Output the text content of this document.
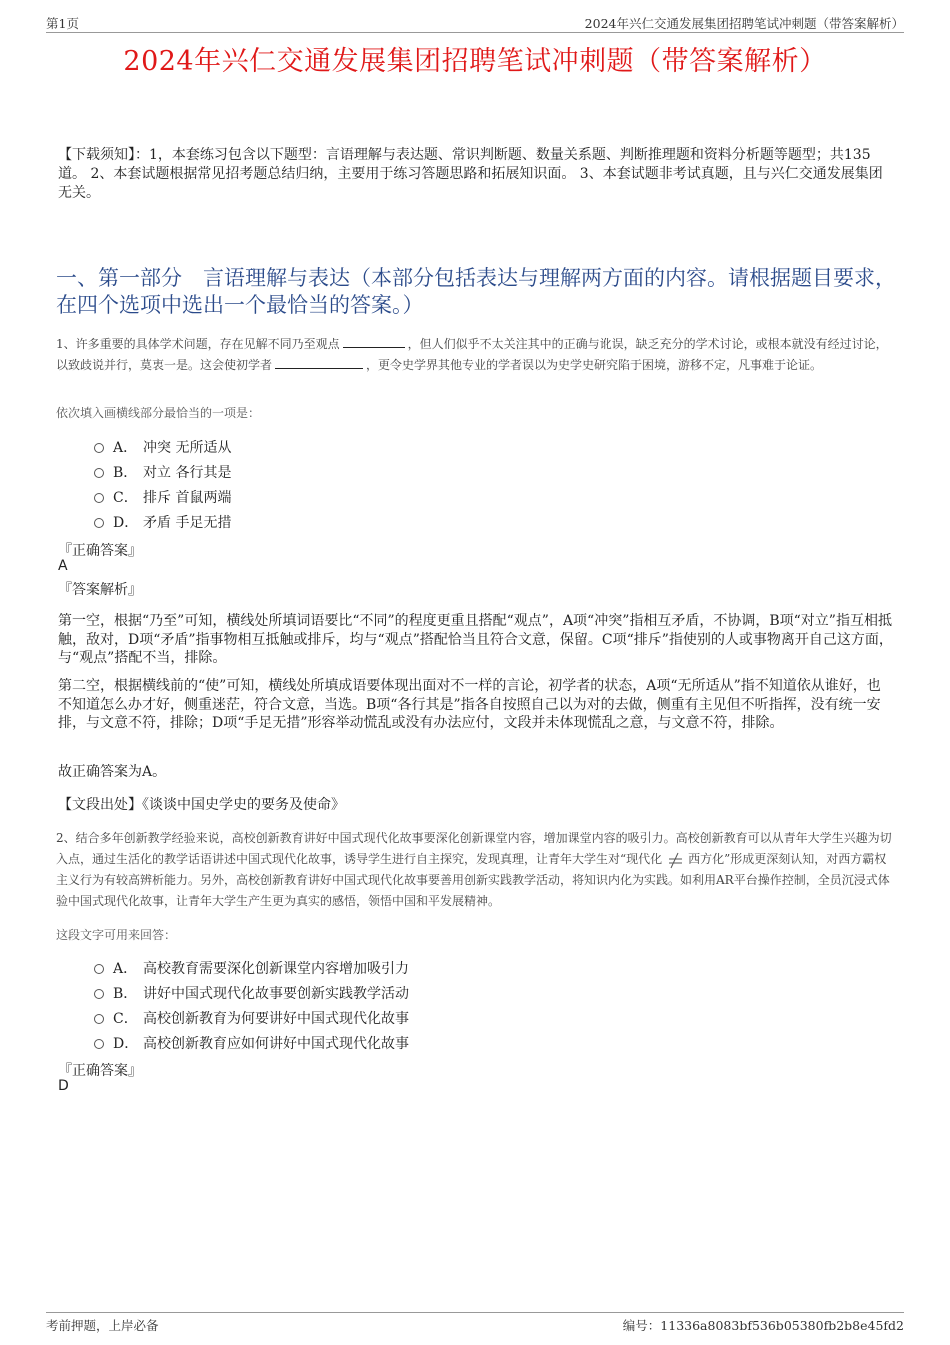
第1页	2024年兴仁交通发展集团招聘笔试冲刺题（带答案解析）
2024年兴仁交通发展集团招聘笔试冲刺题（带答案解析）
【下载须知】：1，本套练习包含以下题型：言语理解与表达题、常识判断题、数量关系题、判断推理题和资料分析题等题型；共135道。 2、本套试题根据常见招考题总结归纳，主要用于练习答题思路和拓展知识面。 3、本套试题非考试真题，且与兴仁交通发展集团无关。
一、第一部分　言语理解与表达（本部分包括表达与理解两方面的内容。请根据题目要求，在四个选项中选出一个最恰当的答案。）
1、许多重要的具体学术问题，存在见解不同乃至观点	，但人们似乎不太关注其中的正确与讹误，缺乏充分的学术讨论，或根本就没有经过讨论，以致歧说并行，莫衷一是。这会使初学者	，更令史学界其他专业的学者误以为史学史研究陷于困境，游移不定，凡事难于论证。
依次填入画横线部分最恰当的一项是：
A． 冲突 无所适从
B． 对立 各行其是
C． 排斥 首鼠两端
D． 矛盾 手足无措
『正确答案』
A
『答案解析』
第一空，根据“乃至”可知，横线处所填词语要比“不同”的程度更重且搭配“观点”，A项“冲突”指相互矛盾，不协调，B项“对立”指互相抵触，敌对，D项“矛盾”指事物相互抵触或排斥，均与“观点”搭配恰当且符合文意，保留。C项“排斥”指使别的人或事物离开自己这方面，与“观点”搭配不当，排除。
第二空，根据横线前的“使”可知，横线处所填成语要体现出面对不一样的言论，初学者的状态，A项“无所适从”指不知道依从谁好，也不知道怎么办才好，侧重迷茫，符合文意，当选。B项“各行其是”指各自按照自己以为对的去做，侧重有主见但不听指挥，没有统一安排，与文意不符，排除；D项“手足无措”形容举动慌乱或没有办法应付，文段并未体现慌乱之意，与文意不符，排除。
故正确答案为A。
【文段出处】《谈谈中国史学史的要务及使命》
2、结合多年创新教学经验来说，高校创新教育讲好中国式现代化故事要深化创新课堂内容，增加课堂内容的吸引力。高校创新教育可以从青年大学生兴趣为切入点，通过生活化的教学话语讲述中国式现代化故事，诱导学生进行自主探究，发现真理，让青年大学生对“现代化 西方化”形成更深刻认知，对西方霸权主义行为有较高辨析能力。另外，高校创新教育讲好中国式现代化故事要善用创新实践教学活动，将知识内化为实践。如利用AR平台操作控制，全员沉浸式体验中国式现代化故事，让青年大学生产生更为真实的感悟，领悟中国和平发展精神。
这段文字可用来回答：
A． 高校教育需要深化创新课堂内容增加吸引力
B． 讲好中国式现代化故事要创新实践教学活动
C． 高校创新教育为何要讲好中国式现代化故事
D． 高校创新教育应如何讲好中国式现代化故事
『正确答案』
D
考前押题，上岸必备	编号：11336a8083bf536b05380fb2b8e45fd2
